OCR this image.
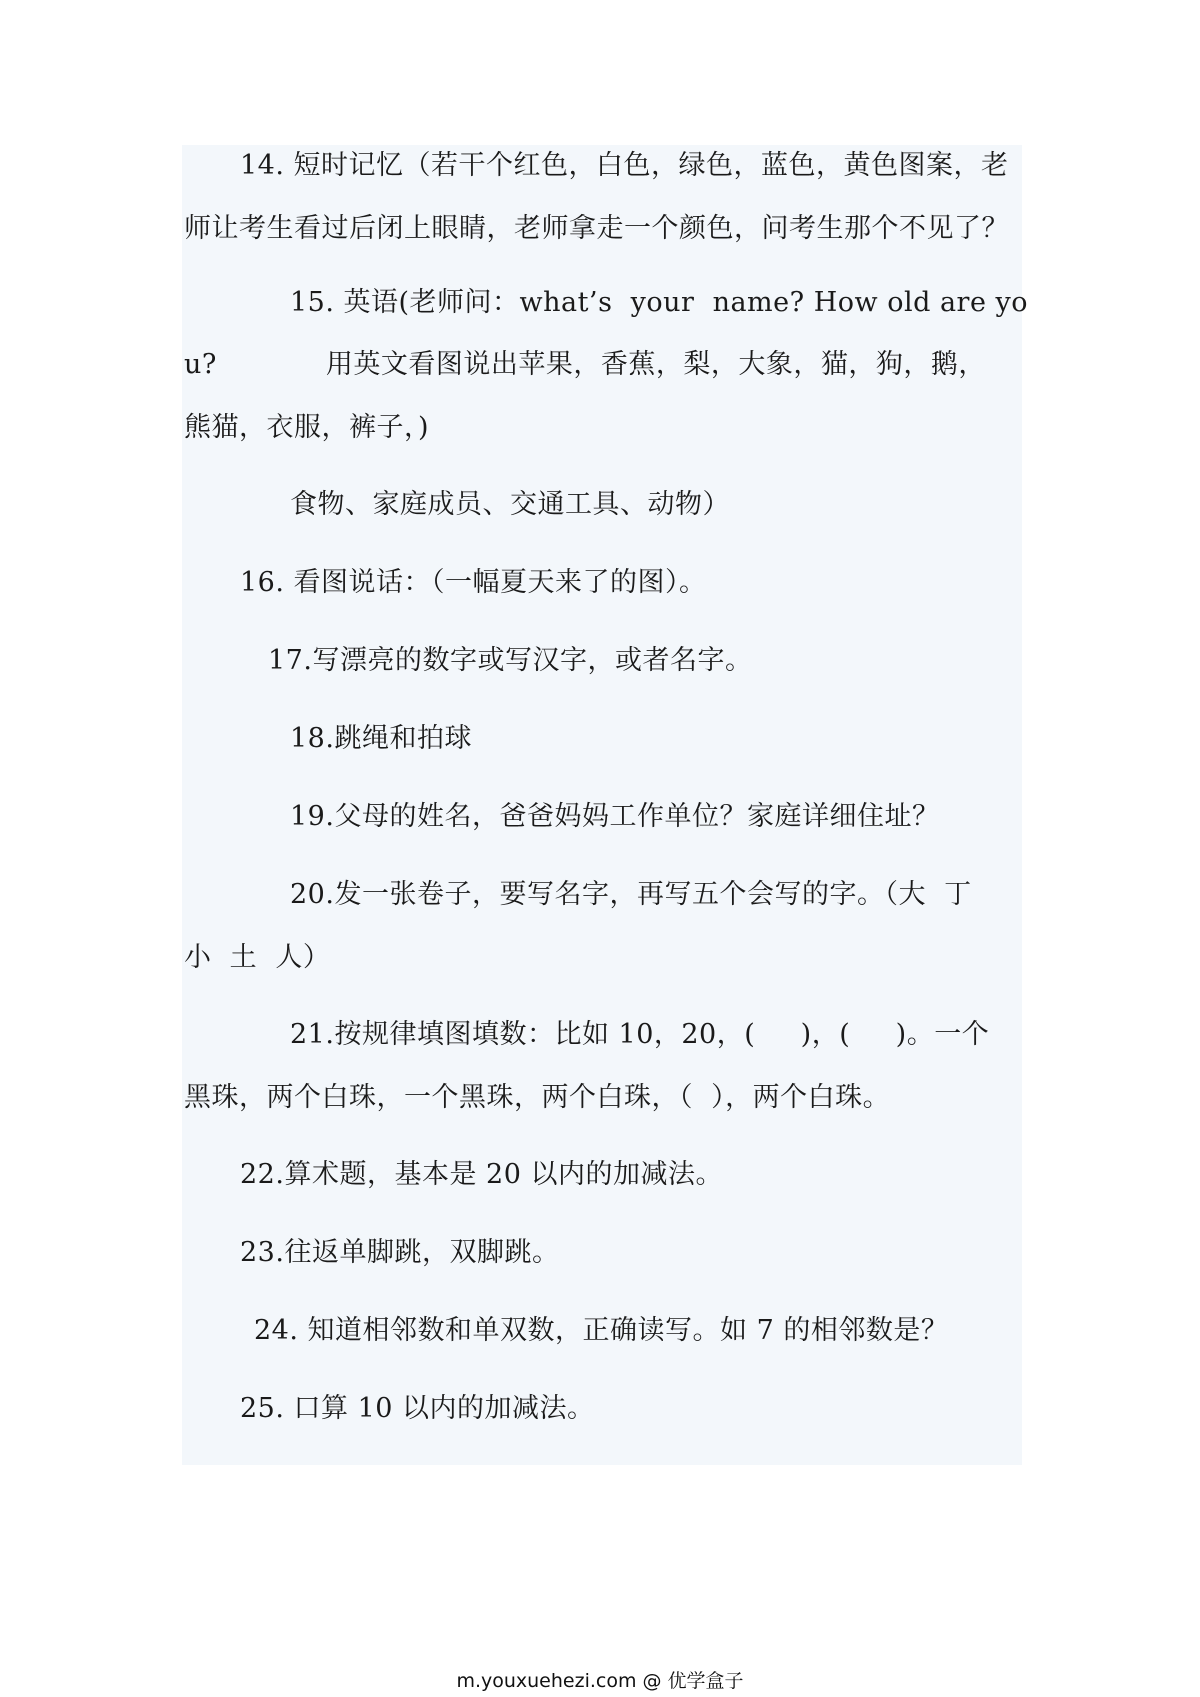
14. 短时记忆（若干个红色，白色，绿色，蓝色，黄色图案，老
师让考生看过后闭上眼睛，老师拿走一个颜色，问考生那个不见了？
15. 英语(老师问：what’s  your  name? How old are yo
u?            用英文看图说出苹果，香蕉，梨，大象，猫，狗，鹅，
熊猫，衣服，裤子，)
食物、家庭成员、交通工具、动物）
16. 看图说话：（一幅夏天来了的图）。
17.写漂亮的数字或写汉字，或者名字。
18.跳绳和拍球
19.父母的姓名，爸爸妈妈工作单位？家庭详细住址？
20.发一张卷子，要写名字，再写五个会写的字。（大  丁
小  土  人）
21.按规律填图填数：比如 10，20，(     )，(     )。一个
黑珠，两个白珠，一个黑珠，两个白珠，（  ），两个白珠。
22.算术题，基本是 20 以内的加减法。
23.往返单脚跳，双脚跳。
24. 知道相邻数和单双数，正确读写。如 7 的相邻数是？
25. 口算 10 以内的加减法。
m.youxuehezi.com @ 优学盒子
